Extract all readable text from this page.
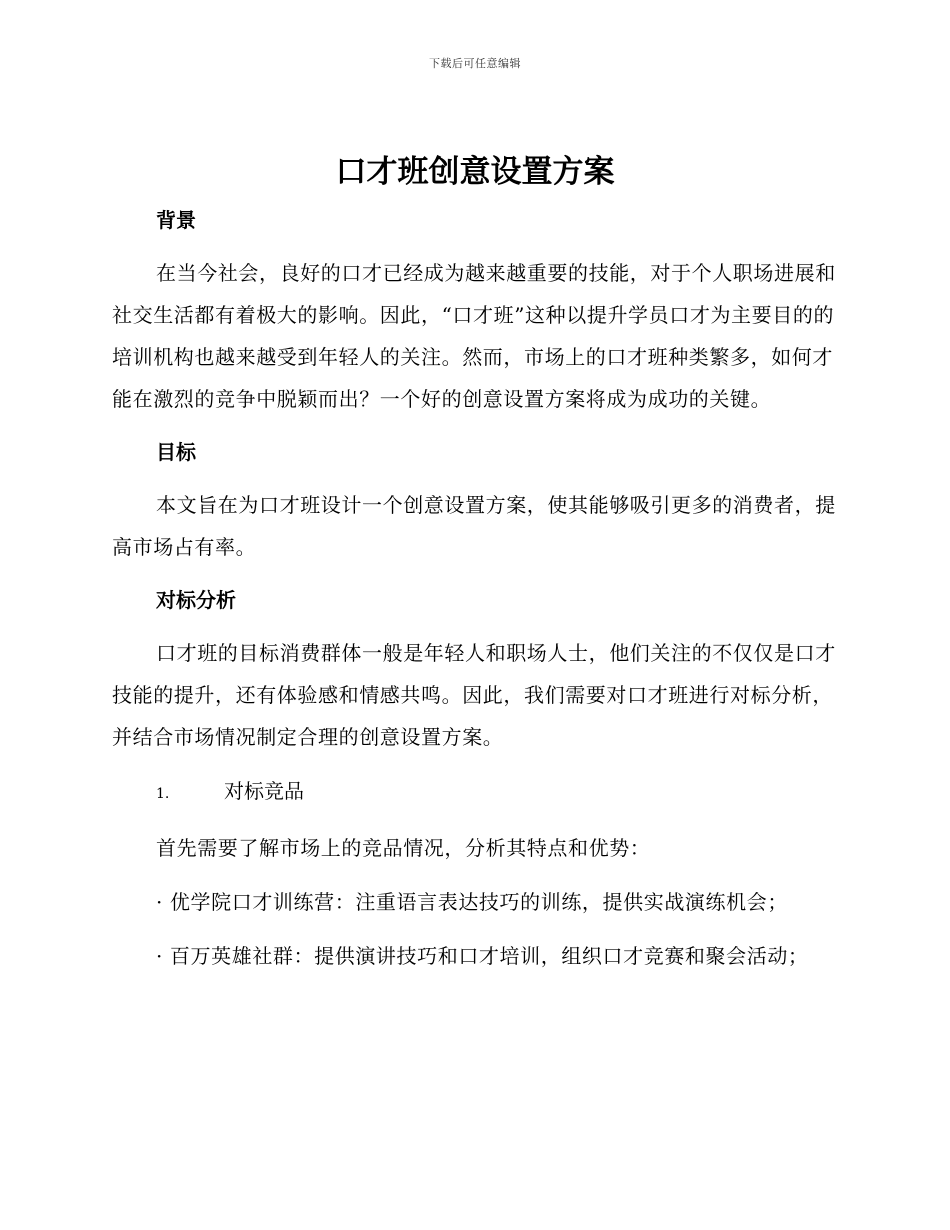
下载后可任意编辑
口才班创意设置方案
背景

在当今社会，良好的口才已经成为越来越重要的技能，对于个人职场进展和社交生活都有着极大的影响。因此，“口才班”这种以提升学员口才为主要目的的培训机构也越来越受到年轻人的关注。然而，市场上的口才班种类繁多，如何才能在激烈的竞争中脱颖而出？一个好的创意设置方案将成为成功的关键。

目标

本文旨在为口才班设计一个创意设置方案，使其能够吸引更多的消费者，提高市场占有率。

对标分析

口才班的目标消费群体一般是年轻人和职场人士，他们关注的不仅仅是口才技能的提升，还有体验感和情感共鸣。因此，我们需要对口才班进行对标分析，并结合市场情况制定合理的创意设置方案。

1.	对标竞品

首先需要了解市场上的竞品情况，分析其特点和优势：

· 优学院口才训练营：注重语言表达技巧的训练，提供实战演练机会；

· 百万英雄社群：提供演讲技巧和口才培训，组织口才竞赛和聚会活动；
